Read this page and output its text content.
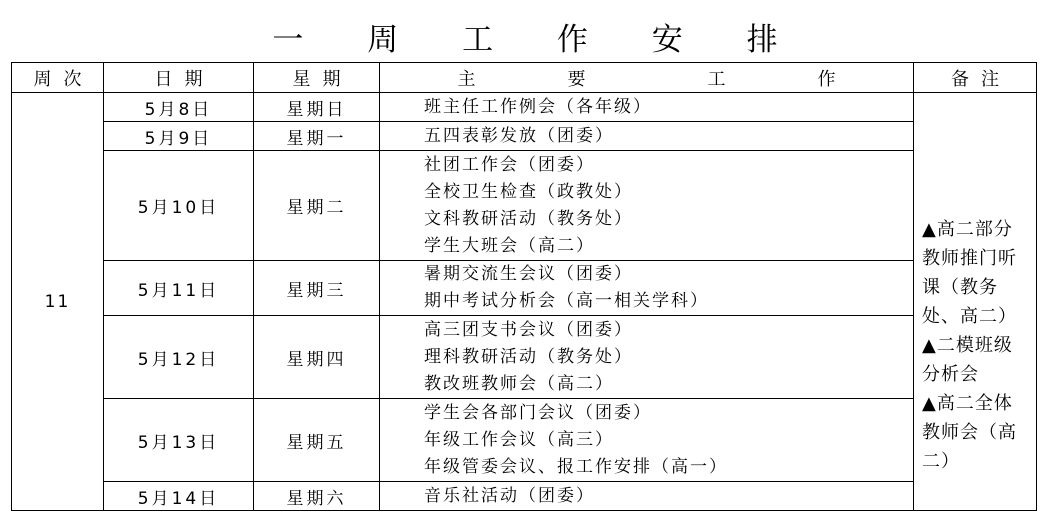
一 周 工 作 安 排
周次	日期	星期	主 要 工 作	备注
11	5月8日	星期日	班主任工作例会（各年级）	▲高二部分教师推门听课（教务处、高二）
▲二模班级分析会
▲高二全体教师会（高二）

	5月9日	星期一	五四表彰发放（团委）	

	5月10日	星期二	社团工作会（团委）
全校卫生检查（政教处）
文科教研活动（教务处）
学生大班会（高二）	

	5月11日	星期三	暑期交流生会议（团委）
期中考试分析会（高一相关学科）	

	5月12日	星期四	高三团支书会议（团委）
理科教研活动（教务处）
教改班教师会（高二）	

	5月13日	星期五	学生会各部门会议（团委）
年级工作会议（高三）
年级管委会议、报工作安排（高一）	

	5月14日	星期六	音乐社活动（团委）	
